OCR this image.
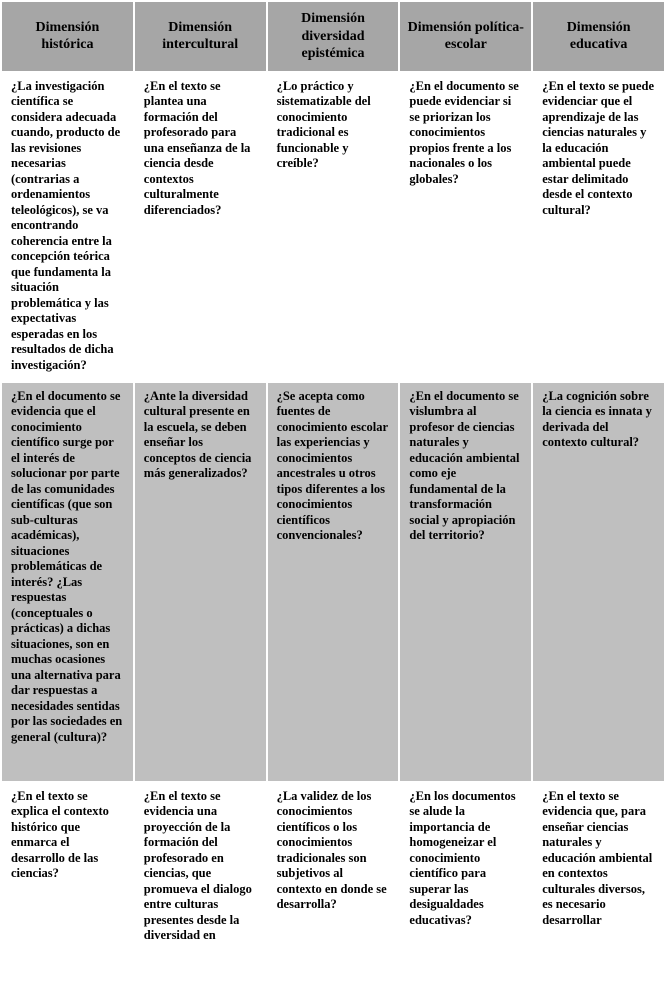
Dimensión histórica	Dimensión intercultural	Dimensión diversidad epistémica	Dimensión política-escolar	Dimensión educativa
¿La investigación científica se considera adecuada cuando, producto de las revisiones necesarias (contrarias a ordenamientos teleológicos), se va encontrando coherencia entre la concepción teórica que fundamenta la situación problemática y las expectativas esperadas en los resultados de dicha investigación?	¿En el texto se plantea una formación del profesorado para una enseñanza de la ciencia desde contextos culturalmente diferenciados?	¿Lo práctico y sistematizable del conocimiento tradicional es funcionable y creíble?	¿En el documento se puede evidenciar si se priorizan los conocimientos propios frente a los nacionales o los globales?	¿En el texto se puede evidenciar que el aprendizaje de las ciencias naturales y la educación ambiental puede estar delimitado desde el contexto cultural?
¿En el documento se evidencia que el conocimiento científico surge por el interés de solucionar por parte de las comunidades científicas (que son sub-culturas académicas), situaciones problemáticas de interés? ¿Las respuestas (conceptuales o prácticas) a dichas situaciones, son en muchas ocasiones una alternativa para dar respuestas a necesidades sentidas por las sociedades en general (cultura)?	¿Ante la diversidad cultural presente en la escuela, se deben enseñar los conceptos de ciencia más generalizados?	¿Se acepta como fuentes de conocimiento escolar las experiencias y conocimientos ancestrales u otros tipos diferentes a los conocimientos científicos convencionales?	¿En el documento se vislumbra al profesor de ciencias naturales y educación ambiental como eje fundamental de la transformación social y apropiación del territorio?	¿La cognición sobre la ciencia es innata y derivada del contexto cultural?
¿En el texto se explica el contexto histórico que enmarca el desarrollo de las ciencias?	¿En el texto se evidencia una proyección de la formación del profesorado en ciencias, que promueva el dialogo entre culturas presentes desde la diversidad en	¿La validez de los conocimientos científicos o los conocimientos tradicionales son subjetivos al contexto en donde se desarrolla?	¿En los documentos se alude la importancia de homogeneizar el conocimiento científico para superar las desigualdades educativas?	¿En el texto se evidencia que, para enseñar ciencias naturales y educación ambiental en contextos culturales diversos, es necesario desarrollar
